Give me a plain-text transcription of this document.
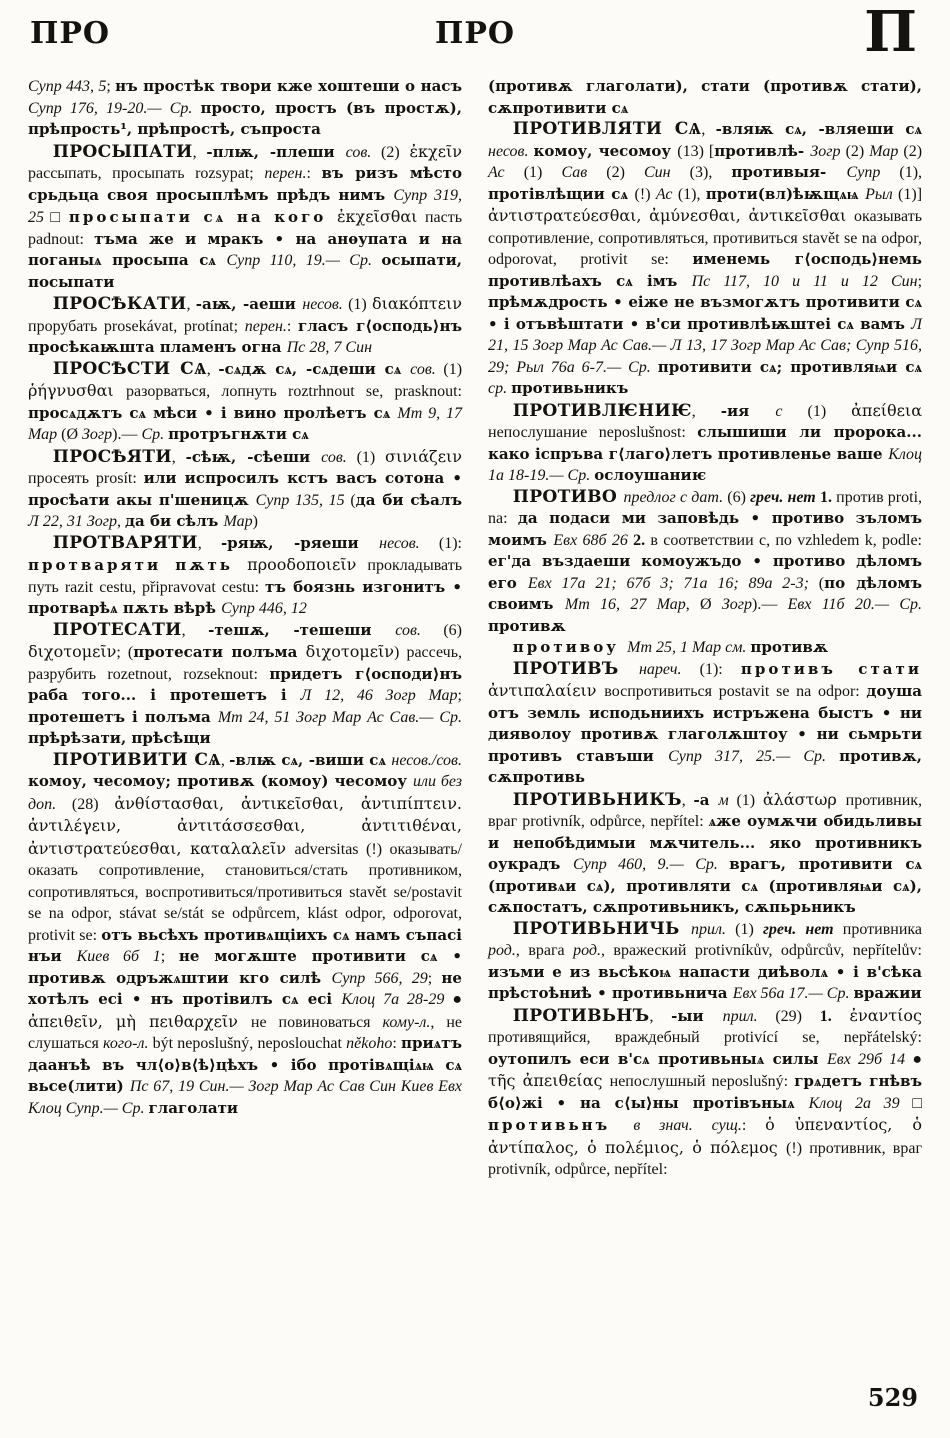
ПРО	ПРО	П

Супр 443, 5; нъ простѣк твори кже хоштеши о насъ Супр 176, 19-20.— Ср. просто, простъ (въ простѫ), прѣпрость¹, прѣпростѣ, съпроста

ПРОСЫПАТИ, -плѭ, -плеши сов. (2) ἐκχεῖν рассыпать, просыпать rozsypat; перен.: въ ризъ мѣсто срьдьца своя просыплѣмъ прѣдъ нимъ Супр 319, 25 □ просыпати сѧ на кого ἐκχεῖσθαι пасть padnout: тъма же и мракъ • на анѳупата и на поганыѧ просыпа сѧ Супр 110, 19.— Ср. осыпати, посыпати

ПРОСѢКАТИ, -аѭ, -аеши несов. (1) διακόπτειν прорубать prosekávat, protínat; перен.: гласъ г⟨осподь⟩нъ просѣкаѭшта пламенъ огна Пс 28, 7 Син

ПРОСѢСТИ СѦ, -сѧдѫ сѧ, -сѧдеши сѧ сов. (1) ῥήγνυσθαι разорваться, лопнуть roztrhnout se, prasknout: просѧдѫтъ сѧ мѣси • і вино пролѣетъ сѧ Мт 9, 17 Мар (Ø Зогр).— Ср. протръгнѫти сѧ

ПРОСѢЯТИ, -сѣѭ, -сѣеши сов. (1) σινιάζειν просеять prosít: или испросилъ кстъ васъ сотона • просѣати акы п'шеницѫ Супр 135, 15 (да би сѣалъ Л 22, 31 Зогр, да би сѣлъ Мар)

ПРОТВАРЯТИ, -ряѭ, -ряеши несов. (1): протваряти пѫть προοδοποιεῖν прокладывать путь razit cestu, připravovat cestu: тъ боязнь изгонитъ • протварѣѧ пѫть вѣрѣ Супр 446, 12

ПРОТЕСАТИ, -тешѫ, -тешеши сов. (6) διχοτομεῖν; (протесати полъма διχοτομεῖν) рассечь, разрубить rozetnout, rozseknout: придетъ г⟨осподи⟩нъ раба того... і протешетъ і Л 12, 46 Зогр Мар; протешетъ і полъма Мт 24, 51 Зогр Мар Ас Сав.— Ср. прѣрѣзати, прѣсѣщи

ПРОТИВИТИ СѦ, -влѭ сѧ, -виши сѧ несов./сов. комоу, чесомоу; противѫ (комоу) чесомоу или без доп. (28) ἀνθίστασθαι, ἀντικεῖσθαι, ἀντιπίπτειν. ἀντιλέγειν, ἀντιτάσσεσθαι, ἀντιτιθέναι, ἀντιστρατεύεσθαι, καταλαλεῖν adversitas (!) оказывать/оказать сопротивление, становиться/стать противником, сопротивляться, воспротивиться/противиться stavět se/postavit se na odpor, stávat se/stát se odpůrcem, klást odpor, odporovat, protivit se: отъ вьсѣхъ противѧщіихъ сѧ намъ съпасі нъи Киев 6б 1; не могѫште противити сѧ • противѫ одръжѧштии кго силѣ Супр 566, 29; не хотѣлъ есі • нъ протівилъ сѧ есі Клоц 7а 28-29 ● ἀπειθεῖν, μὴ πειθαρχεῖν не повиноваться кому-л., не слушаться кого-л. být neposlušný, neposlouchat někoho: приѧтъ даанъѣ въ чл⟨о⟩в⟨ѣ⟩цѣхъ • ібо протівѧщіѧѩ сѧ вьсе(лити) Пс 67, 19 Син.— Зогр Мар Ас Сав Син Киев Евх Клоц Супр.— Ср. глаголати

(противѫ глаголати), стати (противѫ стати), сѫпротивити сѧ

ПРОТИВЛЯТИ СѦ, -вляѭ сѧ, -вляеши сѧ несов. комоу, чесомоу (13) [противлѣ- Зогр (2) Мар (2) Ас (1) Сав (2) Син (3), противыя- Супр (1), протівлѣщии сѧ (!) Ас (1), проти(вл)ѣѭщѧѩ Рыл (1)] ἀντιστρατεύεσθαι, ἀμύνεσθαι, ἀντικεῖσθαι оказывать сопротивление, сопротивляться, противиться stavět se na odpor, odporovat, protivit se: именемь г⟨осподь⟩немь противлѣахъ сѧ імъ Пс 117, 10 и 11 и 12 Син; прѣмѫдрость • еіже не възмогѫтъ противити сѧ • і отъвѣштати • в'си противлѣѭштеі сѧ вамъ Л 21, 15 Зогр Мар Ас Сав.— Л 13, 17 Зогр Мар Ас Сав; Супр 516, 29; Рыл 76а 6-7.— Ср. противити сѧ; противляѩи сѧ ср. противьникъ

ПРОТИВЛѤНИѤ, -ия с (1) ἀπείθεια непослушание neposlušnost: слышиши ли пророка... како іспръва г⟨лаго⟩летъ противленье ваше Клоц 1а 18-19.— Ср. ослоушаниѥ

ПРОТИВО предлог с дат. (6) греч. нет 1. против proti, na: да подаси ми заповѣдь • противо зъломъ моимъ Евх 68б 26 2. в соответствии с, по vzhledem k, podle: ег'да въздаеши комоужъдо • противо дѣломъ его Евх 17а 21; 67б 3; 71а 16; 89а 2-3; (по дѣломъ своимъ Мт 16, 27 Мар, Ø Зогр).— Евх 11б 20.— Ср. противѫ

противоу Мт 25, 1 Мар см. противѫ

ПРОТИВЪ нареч. (1): противъ стати ἀντιπαλαίειν воспротивиться postavit se na odpor: доуша отъ земль исподьниихъ истръжена быстъ • ни дияволоу противѫ глаголѫштоу • ни сьмрьти противъ ставъши Супр 317, 25.— Ср. противѫ, сѫпротивь

ПРОТИВЬНИКЪ, -а м (1) ἀλάστωρ противник, враг protivník, odpůrce, nepřítel: ѧже оумѫчи обидьливы и непобѣдимыи мѫчитель... яко противникъ оукрадъ Супр 460, 9.— Ср. врагъ, противити сѧ (противѧи сѧ), противляти сѧ (противляѩи сѧ), сѫпостатъ, сѫпротивьникъ, сѫпьрьникъ

ПРОТИВЬНИЧЬ прил. (1) греч. нет противника род., врага род., вражеский protivníkův, odpůrcův, nepřítelův: изъми е из вьсѣкоѩ напасти диѣволѧ • і в'сѣка прѣстоѣниѣ • противьнича Евх 56а 17.— Ср. вражии

ПРОТИВЬНЪ, -ыи прил. (29) 1. ἐναντίος противящийся, враждебный protivící se, nepřátelský: оутопилъ еси в'сѧ противьныѧ силы Евх 29б 14 ● τῆς ἀπειθείας непослушный neposlušný: грѧдетъ гнѣвъ б⟨о⟩жі • на с⟨ы⟩ны протівъныѧ Клоц 2а 39 □ противьнъ в знач. сущ.: ὁ ὑπεναντίος, ὁ ἀντίπαλος, ὁ πολέμιος, ὁ πόλεμος (!) противник, враг protivník, odpůrce, nepřítel:

529
